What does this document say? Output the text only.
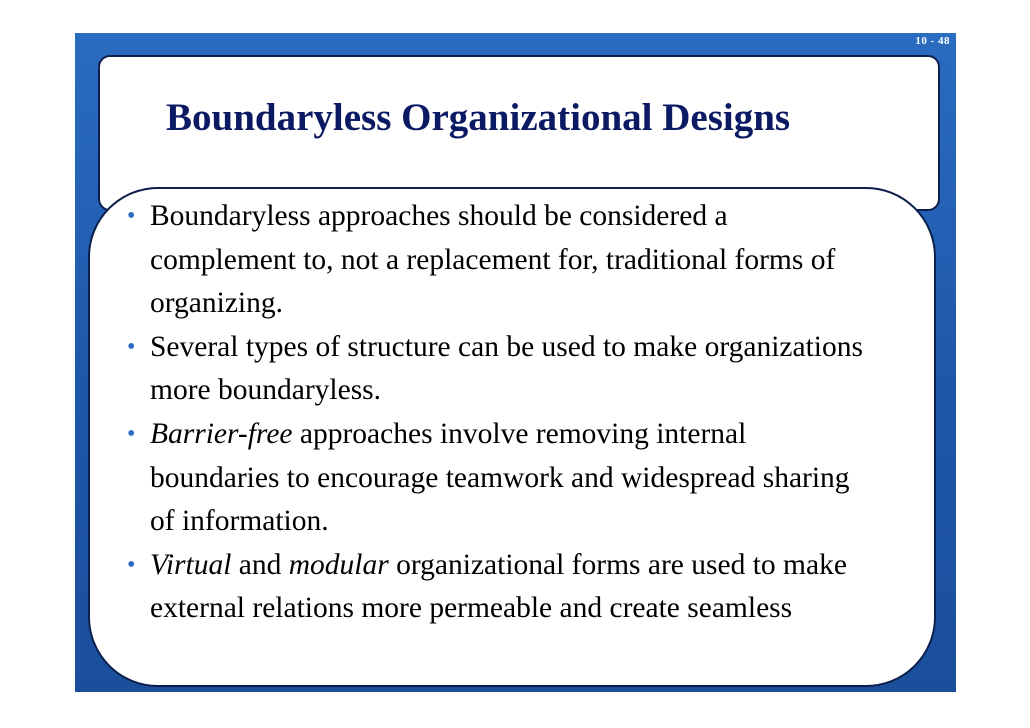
10 - 48
Boundaryless Organizational Designs
• Boundaryless approaches should be considered a complement to, not a replacement for, traditional forms of organizing.
• Several types of structure can be used to make organizations more boundaryless.
• Barrier-free approaches involve removing internal boundaries to encourage teamwork and widespread sharing of information.
• Virtual and modular organizational forms are used to make external relations more permeable and create seamless
